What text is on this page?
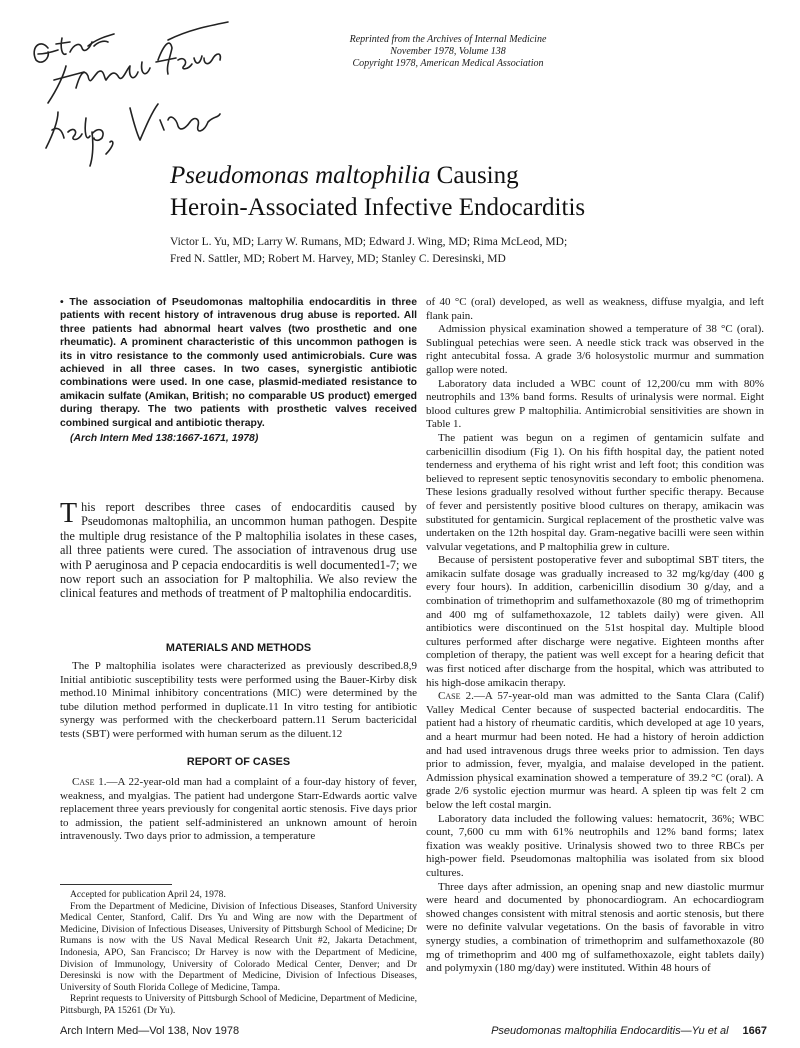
Reprinted from the Archives of Internal Medicine
November 1978, Volume 138
Copyright 1978, American Medical Association
Pseudomonas maltophilia Causing
Heroin-Associated Infective Endocarditis
Victor L. Yu, MD; Larry W. Rumans, MD; Edward J. Wing, MD; Rima McLeod, MD;
Fred N. Sattler, MD; Robert M. Harvey, MD; Stanley C. Deresinski, MD
• The association of Pseudomonas maltophilia endocarditis in three patients with recent history of intravenous drug abuse is reported. All three patients had abnormal heart valves (two prosthetic and one rheumatic). A prominent characteristic of this uncommon pathogen is its in vitro resistance to the commonly used antimicrobials. Cure was achieved in all three cases. In two cases, synergistic antibiotic combinations were used. In one case, plasmid-mediated resistance to amikacin sulfate (Amikan, British; no comparable US product) emerged during therapy. The two patients with prosthetic valves received combined surgical and antibiotic therapy.
(Arch Intern Med 138:1667-1671, 1978)
This report describes three cases of endocarditis caused by Pseudomonas maltophilia, an uncommon human pathogen. Despite the multiple drug resistance of the P maltophilia isolates in these cases, all three patients were cured. The association of intravenous drug use with P aeruginosa and P cepacia endocarditis is well documented1-7; we now report such an association for P maltophilia. We also review the clinical features and methods of treatment of P maltophilia endocarditis.
MATERIALS AND METHODS

The P maltophilia isolates were characterized as previously described.8,9 Initial antibiotic susceptibility tests were performed using the Bauer-Kirby disk method.10 Minimal inhibitory concentrations (MIC) were determined by the tube dilution method performed in duplicate.11 In vitro testing for antibiotic synergy was performed with the checkerboard pattern.11 Serum bactericidal tests (SBT) were performed with human serum as the diluent.12

REPORT OF CASES

Case 1.—A 22-year-old man had a complaint of a four-day history of fever, weakness, and myalgias. The patient had undergone Starr-Edwards aortic valve replacement three years previously for congenital aortic stenosis. Five days prior to admission, the patient self-administered an unknown amount of heroin intravenously. Two days prior to admission, a temperature

Accepted for publication April 24, 1978.

From the Department of Medicine, Division of Infectious Diseases, Stanford University Medical Center, Stanford, Calif. Drs Yu and Wing are now with the Department of Medicine, Division of Infectious Diseases, University of Pittsburgh School of Medicine; Dr Rumans is now with the US Naval Medical Research Unit #2, Jakarta Detachment, Indonesia, APO, San Francisco; Dr Harvey is now with the Department of Medicine, Division of Immunology, University of Colorado Medical Center, Denver; and Dr Deresinski is now with the Department of Medicine, Division of Infectious Diseases, University of South Florida College of Medicine, Tampa.

Reprint requests to University of Pittsburgh School of Medicine, Department of Medicine, Pittsburgh, PA 15261 (Dr Yu).

of 40 °C (oral) developed, as well as weakness, diffuse myalgia, and left flank pain.

Admission physical examination showed a temperature of 38 °C (oral). Sublingual petechias were seen. A needle stick track was observed in the right antecubital fossa. A grade 3/6 holosystolic murmur and summation gallop were noted.

Laboratory data included a WBC count of 12,200/cu mm with 80% neutrophils and 13% band forms. Results of urinalysis were normal. Eight blood cultures grew P maltophilia. Antimicrobial sensitivities are shown in Table 1.

The patient was begun on a regimen of gentamicin sulfate and carbenicillin disodium (Fig 1). On his fifth hospital day, the patient noted tenderness and erythema of his right wrist and left foot; this condition was believed to represent septic tenosynovitis secondary to embolic phenomena. These lesions gradually resolved without further specific therapy. Because of fever and persistently positive blood cultures on therapy, amikacin was substituted for gentamicin. Surgical replacement of the prosthetic valve was undertaken on the 12th hospital day. Gram-negative bacilli were seen within valvular vegetations, and P maltophilia grew in culture.

Because of persistent postoperative fever and suboptimal SBT titers, the amikacin sulfate dosage was gradually increased to 32 mg/kg/day (400 g every four hours). In addition, carbenicillin disodium 30 g/day, and a combination of trimethoprim and sulfamethoxazole (80 mg of trimethoprim and 400 mg of sulfamethoxazole, 12 tablets daily) were given. All antibiotics were discontinued on the 51st hospital day. Multiple blood cultures performed after discharge were negative. Eighteen months after completion of therapy, the patient was well except for a hearing deficit that was first noticed after discharge from the hospital, which was attributed to his high-dose amikacin therapy.

Case 2.—A 57-year-old man was admitted to the Santa Clara (Calif) Valley Medical Center because of suspected bacterial endocarditis. The patient had a history of rheumatic carditis, which developed at age 10 years, and a heart murmur had been noted. He had a history of heroin addiction and had used intravenous drugs three weeks prior to admission. Ten days prior to admission, fever, myalgia, and malaise developed in the patient. Admission physical examination showed a temperature of 39.2 °C (oral). A grade 2/6 systolic ejection murmur was heard. A spleen tip was felt 2 cm below the left costal margin.

Laboratory data included the following values: hematocrit, 36%; WBC count, 7,600 cu mm with 61% neutrophils and 12% band forms; latex fixation was weakly positive. Urinalysis showed two to three RBCs per high-power field. Pseudomonas maltophilia was isolated from six blood cultures.

Three days after admission, an opening snap and new diastolic murmur were heard and documented by phonocardiogram. An echocardiogram showed changes consistent with mitral stenosis and aortic stenosis, but there were no definite valvular vegetations. On the basis of favorable in vitro synergy studies, a combination of trimethoprim and sulfamethoxazole (80 mg of trimethoprim and 400 mg of sulfamethoxazole, eight tablets daily) and polymyxin (180 mg/day) were instituted. Within 48 hours of

Arch Intern Med—Vol 138, Nov 1978	Pseudomonas maltophilia Endocarditis—Yu et al 1667
